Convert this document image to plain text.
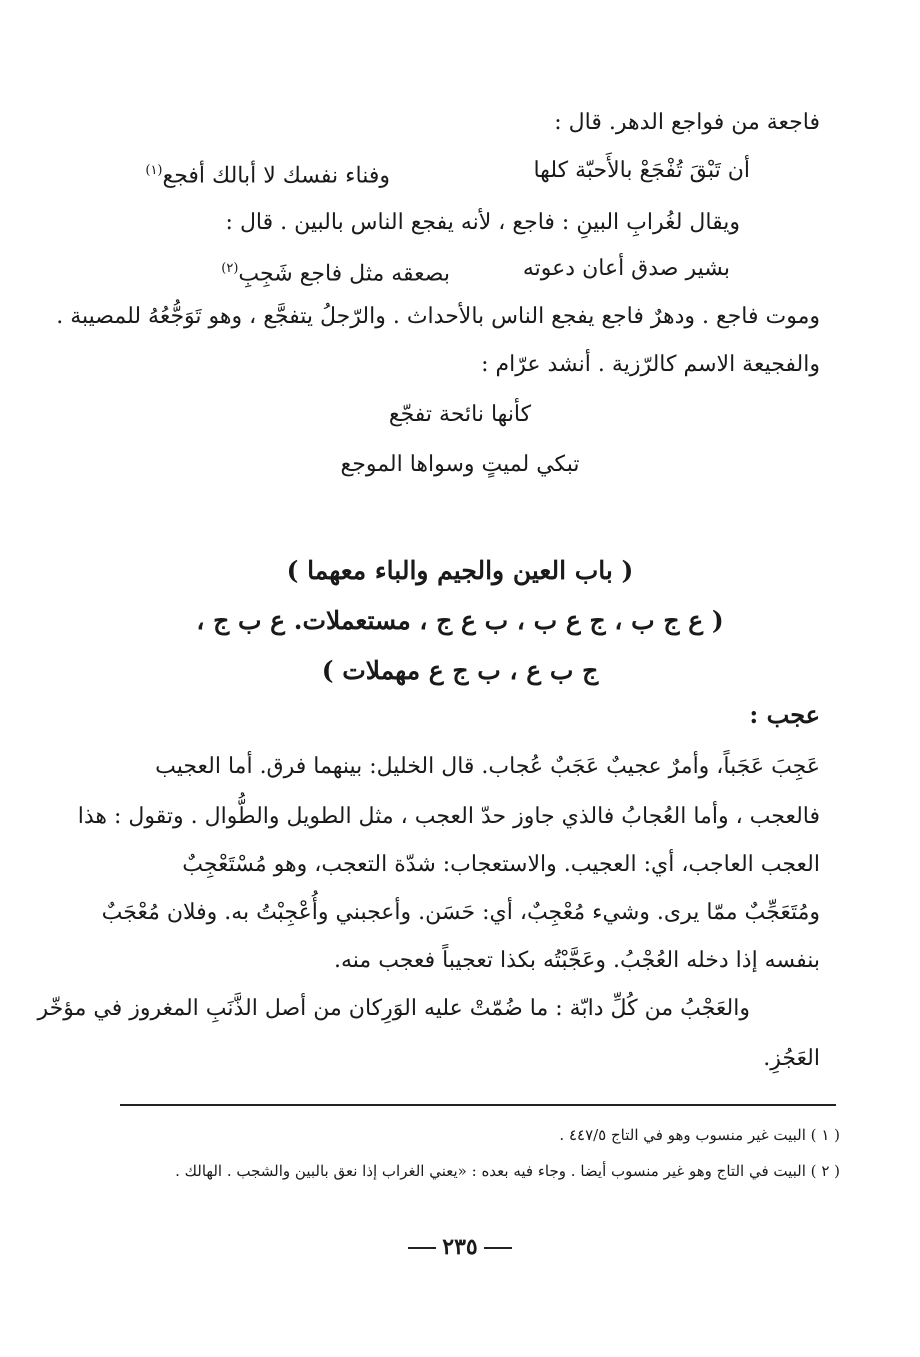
فاجعة من فواجع الدهر. قال :
أن تَبْقَ تُفْجَعْ بالأَحبّة كلها
وفناء نفسك لا أبالك أفجع$^{(١)}$
ويقال لغُرابِ البينِ : فاجع ، لأنه يفجع الناس بالبين . قال :
بشير صدق أعان دعوته
بصعقه مثل فاجع شَجِبِ$^{(٢)}$
وموت فاجع . ودهرٌ فاجع يفجع الناس بالأحداث . والرّجلُ يتفجَّع ، وهو تَوَجُّعُهُ للمصيبة .
والفجيعة الاسم كالرّزية . أنشد عرّام :
كأنها نائحة تفجّع
تبكي لميتٍ وسواها الموجع
( باب العين والجيم والباء معهما )
( ع ج ب ، ج ع ب ، ب ع ج ، مستعملات. ع ب ج ،
ج ب ع ، ب ج ع مهملات )
عجب :
عَجِبَ عَجَباً، وأمرٌ عجيبٌ عَجَبٌ عُجاب. قال الخليل: بينهما فرق. أما العجيب
فالعجب ، وأما العُجابُ فالذي جاوز حدّ العجب ، مثل الطويل والطُّوال . وتقول : هذا
العجب العاجب، أي: العجيب. والاستعجاب: شدّة التعجب، وهو مُسْتَعْجِبٌ
ومُتَعَجِّبٌ ممّا يرى. وشيء مُعْجِبٌ، أي: حَسَن. وأعجبني وأُعْجِبْتُ به. وفلان مُعْجَبٌ
بنفسه إذا دخله العُجْبُ. وعَجَّبْتُه بكذا تعجيباً فعجب منه.
والعَجْبُ من كُلِّ دابّة : ما ضُمّتْ عليه الوَرِكان من أصل الذَّنَبِ المغروز في مؤخّر
العَجُزِ.
( ١ ) البيت غير منسوب وهو في التاج ٤٤٧/٥ .
( ٢ ) البيت في التاج وهو غير منسوب أيضا . وجاء فيه بعده : «يعني الغراب إذا نعق بالبين والشجب . الهالك .
٢٣٥
